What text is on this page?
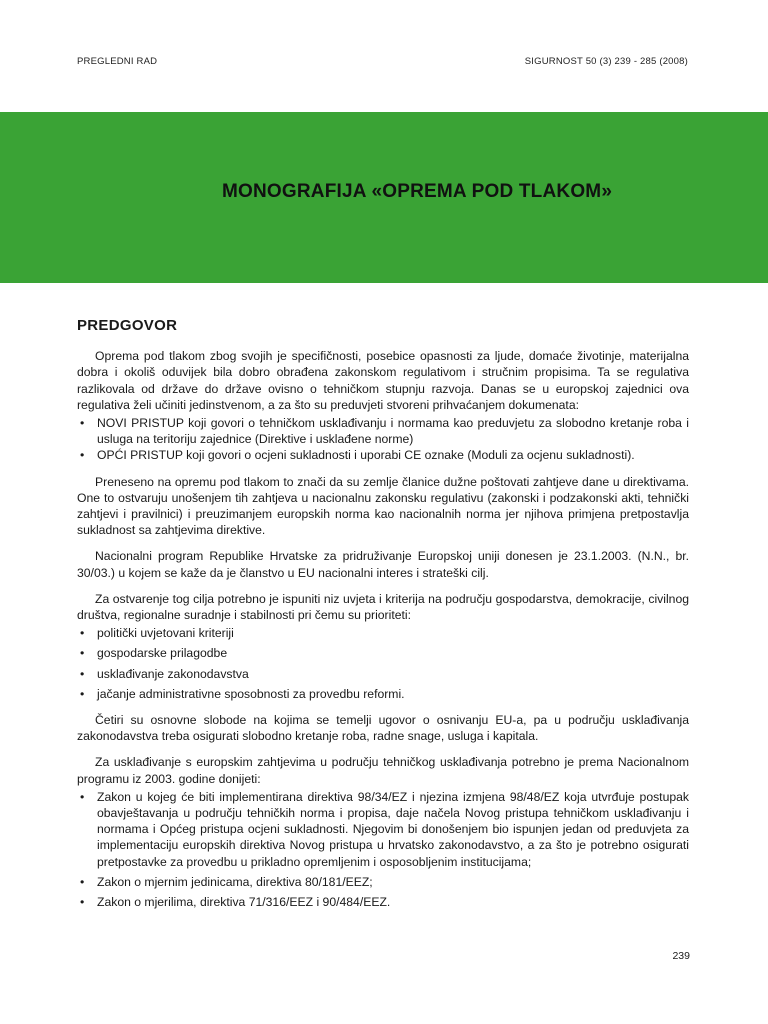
PREGLEDNI RAD	SIGURNOST 50 (3) 239 - 285 (2008)
MONOGRAFIJA «OPREMA POD TLAKOM»
PREDGOVOR

Oprema pod tlakom zbog svojih je specifičnosti, posebice opasnosti za ljude, domaće životinje, materijalna dobra i okoliš oduvijek bila dobro obrađena zakonskom regulativom i stručnim propisima. Ta se regulativa razlikovala od države do države ovisno o tehničkom stupnju razvoja. Danas se u europskoj zajednici ova regulativa želi učiniti jedinstvenom, a za što su preduvjeti stvoreni prihvaćanjem dokumenata:

• NOVI PRISTUP koji govori o tehničkom usklađivanju i normama kao preduvjetu za slobodno kretanje roba i usluga na teritoriju zajednice (Direktive i usklađene norme)
• OPĆI PRISTUP koji govori o ocjeni sukladnosti i uporabi CE oznake (Moduli za ocjenu sukladnosti).

Preneseno na opremu pod tlakom to znači da su zemlje članice dužne poštovati zahtjeve dane u direktivama. One to ostvaruju unošenjem tih zahtjeva u nacionalnu zakonsku regulativu (zakonski i podzakonski akti, tehnički zahtjevi i pravilnici) i preuzimanjem europskih norma kao nacionalnih norma jer njihova primjena pretpostavlja sukladnost sa zahtjevima direktive.

Nacionalni program Republike Hrvatske za pridruživanje Europskoj uniji donesen je 23.1.2003. (N.N., br. 30/03.) u kojem se kaže da je članstvo u EU nacionalni interes i strateški cilj.

Za ostvarenje tog cilja potrebno je ispuniti niz uvjeta i kriterija na području gospodarstva, demokracije, civilnog društva, regionalne suradnje i stabilnosti pri čemu su prioriteti:

• politički uvjetovani kriteriji
• gospodarske prilagodbe
• usklađivanje zakonodavstva
• jačanje administrativne sposobnosti za provedbu reformi.

Četiri su osnovne slobode na kojima se temelji ugovor o osnivanju EU-a, pa u području usklađivanja zakonodavstva treba osigurati slobodno kretanje roba, radne snage, usluga i kapitala.

Za usklađivanje s europskim zahtjevima u području tehničkog usklađivanja potrebno je prema Nacionalnom programu iz 2003. godine donijeti:

• Zakon u kojeg će biti implementirana direktiva 98/34/EZ i njezina izmjena 98/48/EZ koja utvrđuje postupak obavještavanja u području tehničkih norma i propisa, daje načela Novog pristupa tehničkom usklađivanju i normama i Općeg pristupa ocjeni sukladnosti. Njegovim bi donošenjem bio ispunjen jedan od preduvjeta za implementaciju europskih direktiva Novog pristupa u hrvatsko zakonodavstvo, a za što je potrebno osigurati pretpostavke za provedbu u prikladno opremljenim i osposobljenim institucijama;
• Zakon o mjernim jedinicama, direktiva 80/181/EEZ;
• Zakon o mjerilima, direktiva 71/316/EEZ i 90/484/EEZ.
239
